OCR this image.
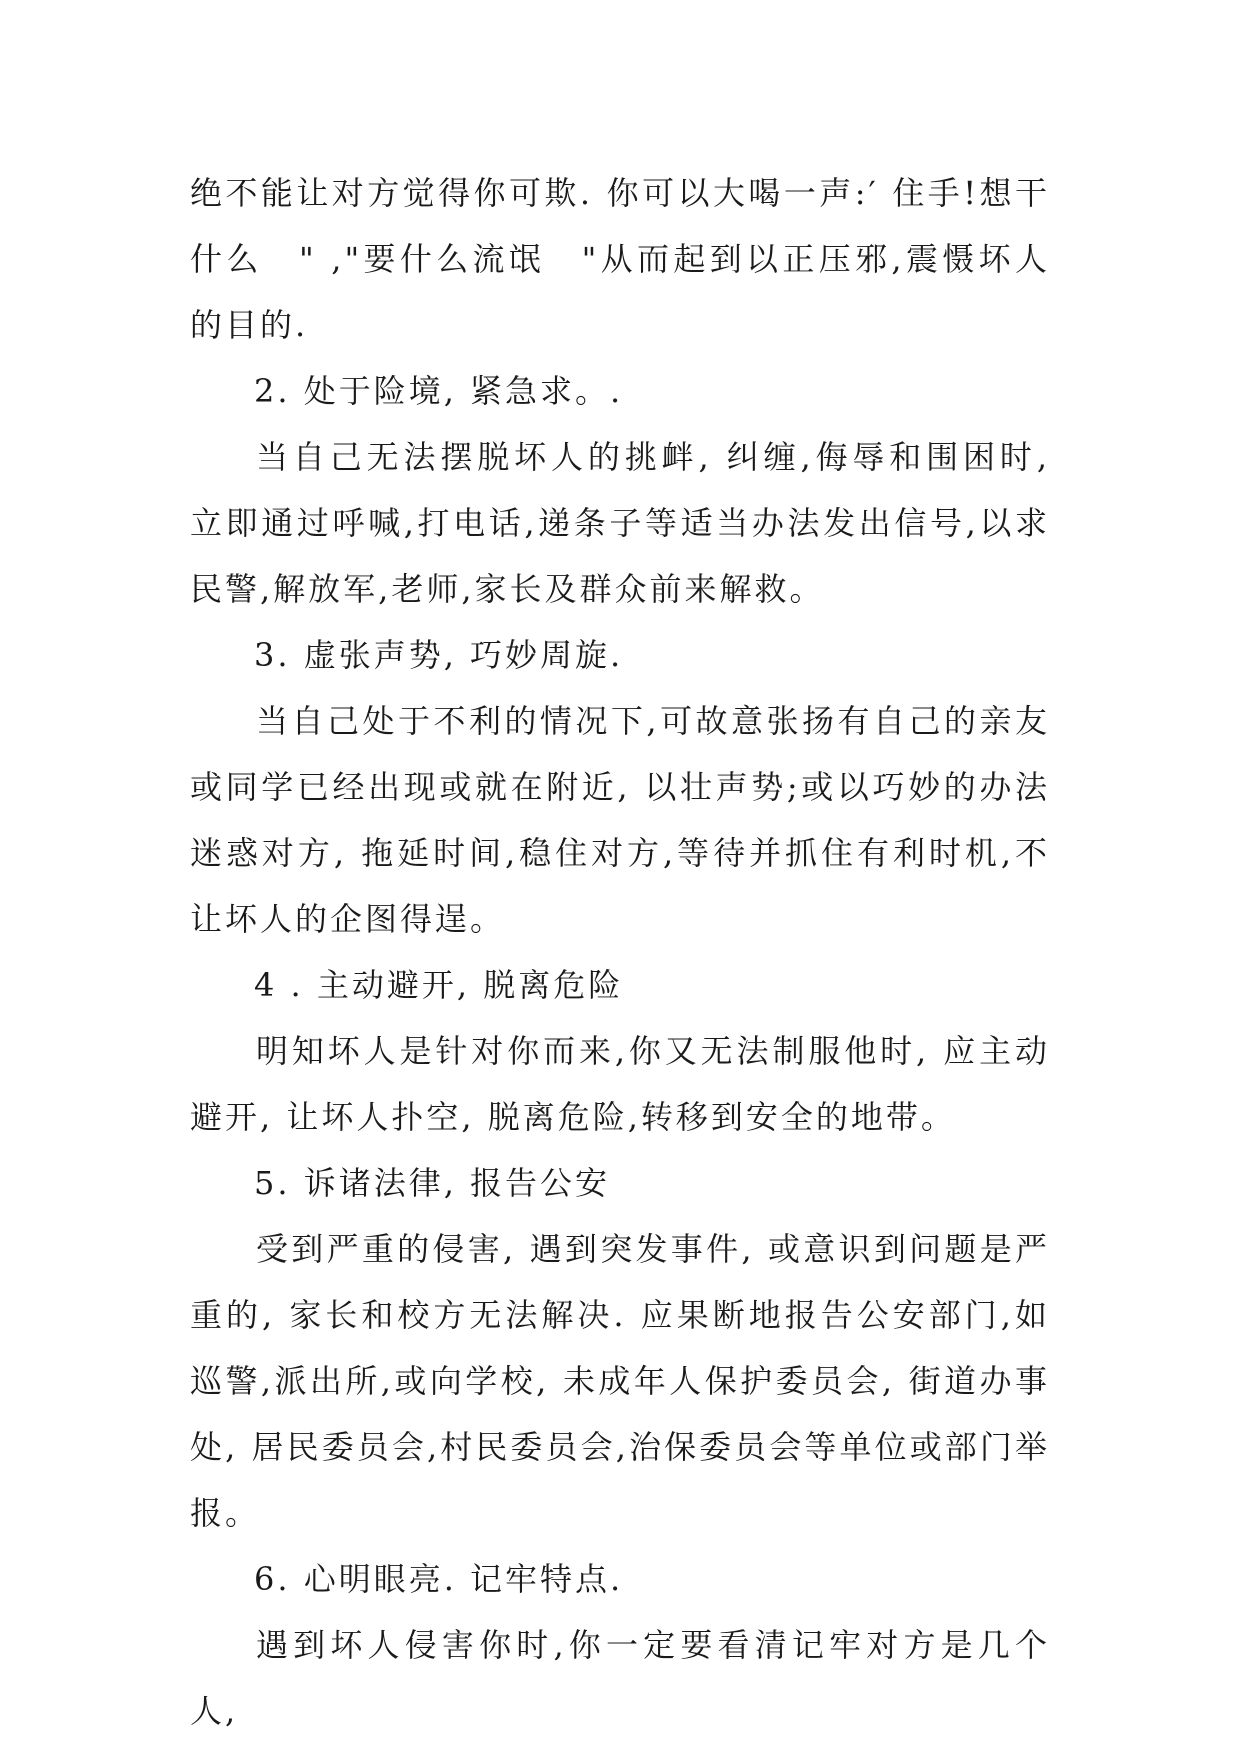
绝不能让对方觉得你可欺. 你可以大喝一声:′ 住手!想干什么　" ,"要什么流氓　"从而起到以正压邪,震慑坏人的目的.

2. 处于险境, 紧急求。.

当自己无法摆脱坏人的挑衅, 纠缠,侮辱和围困时, 立即通过呼喊,打电话,递条子等适当办法发出信号,以求民警,解放军,老师,家长及群众前来解救。

3. 虚张声势, 巧妙周旋.

当自己处于不利的情况下,可故意张扬有自己的亲友或同学已经出现或就在附近, 以壮声势;或以巧妙的办法迷惑对方, 拖延时间,稳住对方,等待并抓住有利时机,不让坏人的企图得逞。

4 . 主动避开, 脱离危险

明知坏人是针对你而来,你又无法制服他时, 应主动避开, 让坏人扑空, 脱离危险,转移到安全的地带。

5. 诉诸法律, 报告公安

受到严重的侵害, 遇到突发事件, 或意识到问题是严重的, 家长和校方无法解决. 应果断地报告公安部门,如巡警,派出所,或向学校, 未成年人保护委员会, 街道办事处, 居民委员会,村民委员会,治保委员会等单位或部门举报。

6. 心明眼亮. 记牢特点.

遇到坏人侵害你时,你一定要看清记牢对方是几个人,
